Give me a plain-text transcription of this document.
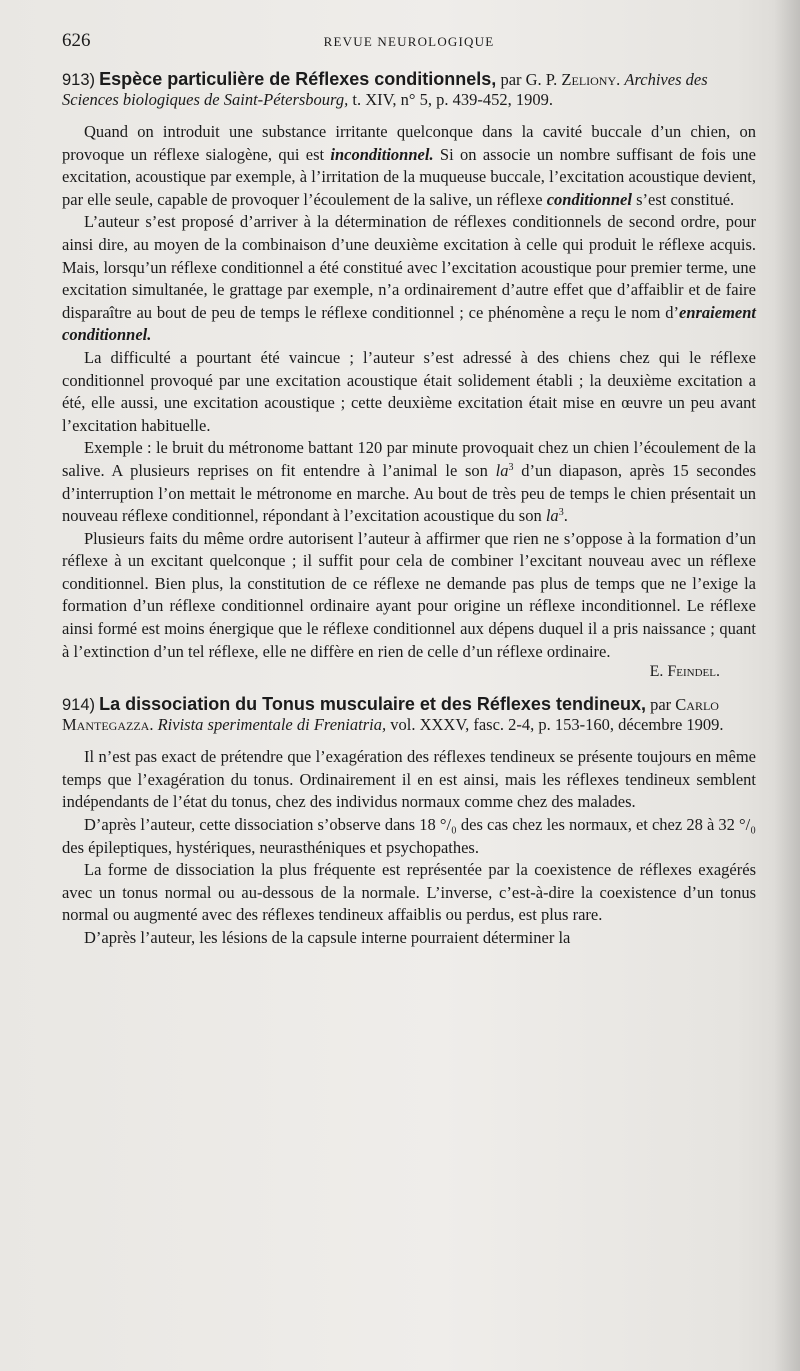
626	REVUE NEUROLOGIQUE

913) Espèce particulière de Réflexes conditionnels, par G. P. Zeliony. Archives des Sciences biologiques de Saint-Pétersbourg, t. XIV, n° 5, p. 439-452, 1909.

Quand on introduit une substance irritante quelconque dans la cavité buccale d’un chien, on provoque un réflexe sialogène, qui est inconditionnel. Si on associe un nombre suffisant de fois une excitation, acoustique par exemple, à l’irritation de la muqueuse buccale, l’excitation acoustique devient, par elle seule, capable de provoquer l’écoulement de la salive, un réflexe conditionnel s’est constitué.

L’auteur s’est proposé d’arriver à la détermination de réflexes conditionnels de second ordre, pour ainsi dire, au moyen de la combinaison d’une deuxième excitation à celle qui produit le réflexe acquis. Mais, lorsqu’un réflexe conditionnel a été constitué avec l’excitation acoustique pour premier terme, une excitation simultanée, le grattage par exemple, n’a ordinairement d’autre effet que d’affaiblir et de faire disparaître au bout de peu de temps le réflexe conditionnel ; ce phénomène a reçu le nom d’enraiement conditionnel.

La difficulté a pourtant été vaincue ; l’auteur s’est adressé à des chiens chez qui le réflexe conditionnel provoqué par une excitation acoustique était solidement établi ; la deuxième excitation a été, elle aussi, une excitation acoustique ; cette deuxième excitation était mise en œuvre un peu avant l’excitation habituelle.

Exemple : le bruit du métronome battant 120 par minute provoquait chez un chien l’écoulement de la salive. A plusieurs reprises on fit entendre à l’animal le son $la^3$ d’un diapason, après 15 secondes d’interruption l’on mettait le métronome en marche. Au bout de très peu de temps le chien présentait un nouveau réflexe conditionnel, répondant à l’excitation acoustique du son $la^3$.

Plusieurs faits du même ordre autorisent l’auteur à affirmer que rien ne s’oppose à la formation d’un réflexe à un excitant quelconque ; il suffit pour cela de combiner l’excitant nouveau avec un réflexe conditionnel. Bien plus, la constitution de ce réflexe ne demande pas plus de temps que ne l’exige la formation d’un réflexe conditionnel ordinaire ayant pour origine un réflexe inconditionnel. Le réflexe ainsi formé est moins énergique que le réflexe conditionnel aux dépens duquel il a pris naissance ; quant à l’extinction d’un tel réflexe, elle ne diffère en rien de celle d’un réflexe ordinaire.

E. Feindel.

914) La dissociation du Tonus musculaire et des Réflexes tendineux, par Carlo Mantegazza. Rivista sperimentale di Freniatria, vol. XXXV, fasc. 2-4, p. 153-160, décembre 1909.

Il n’est pas exact de prétendre que l’exagération des réflexes tendineux se présente toujours en même temps que l’exagération du tonus. Ordinairement il en est ainsi, mais les réflexes tendineux semblent indépendants de l’état du tonus, chez des individus normaux comme chez des malades.

D’après l’auteur, cette dissociation s’observe dans 18 °/₀ des cas chez les normaux, et chez 28 à 32 °/₀ des épileptiques, hystériques, neurasthéniques et psychopathes.

La forme de dissociation la plus fréquente est représentée par la coexistence de réflexes exagérés avec un tonus normal ou au-dessous de la normale. L’inverse, c’est-à-dire la coexistence d’un tonus normal ou augmenté avec des réflexes tendineux affaiblis ou perdus, est plus rare.

D’après l’auteur, les lésions de la capsule interne pourraient déterminer la
